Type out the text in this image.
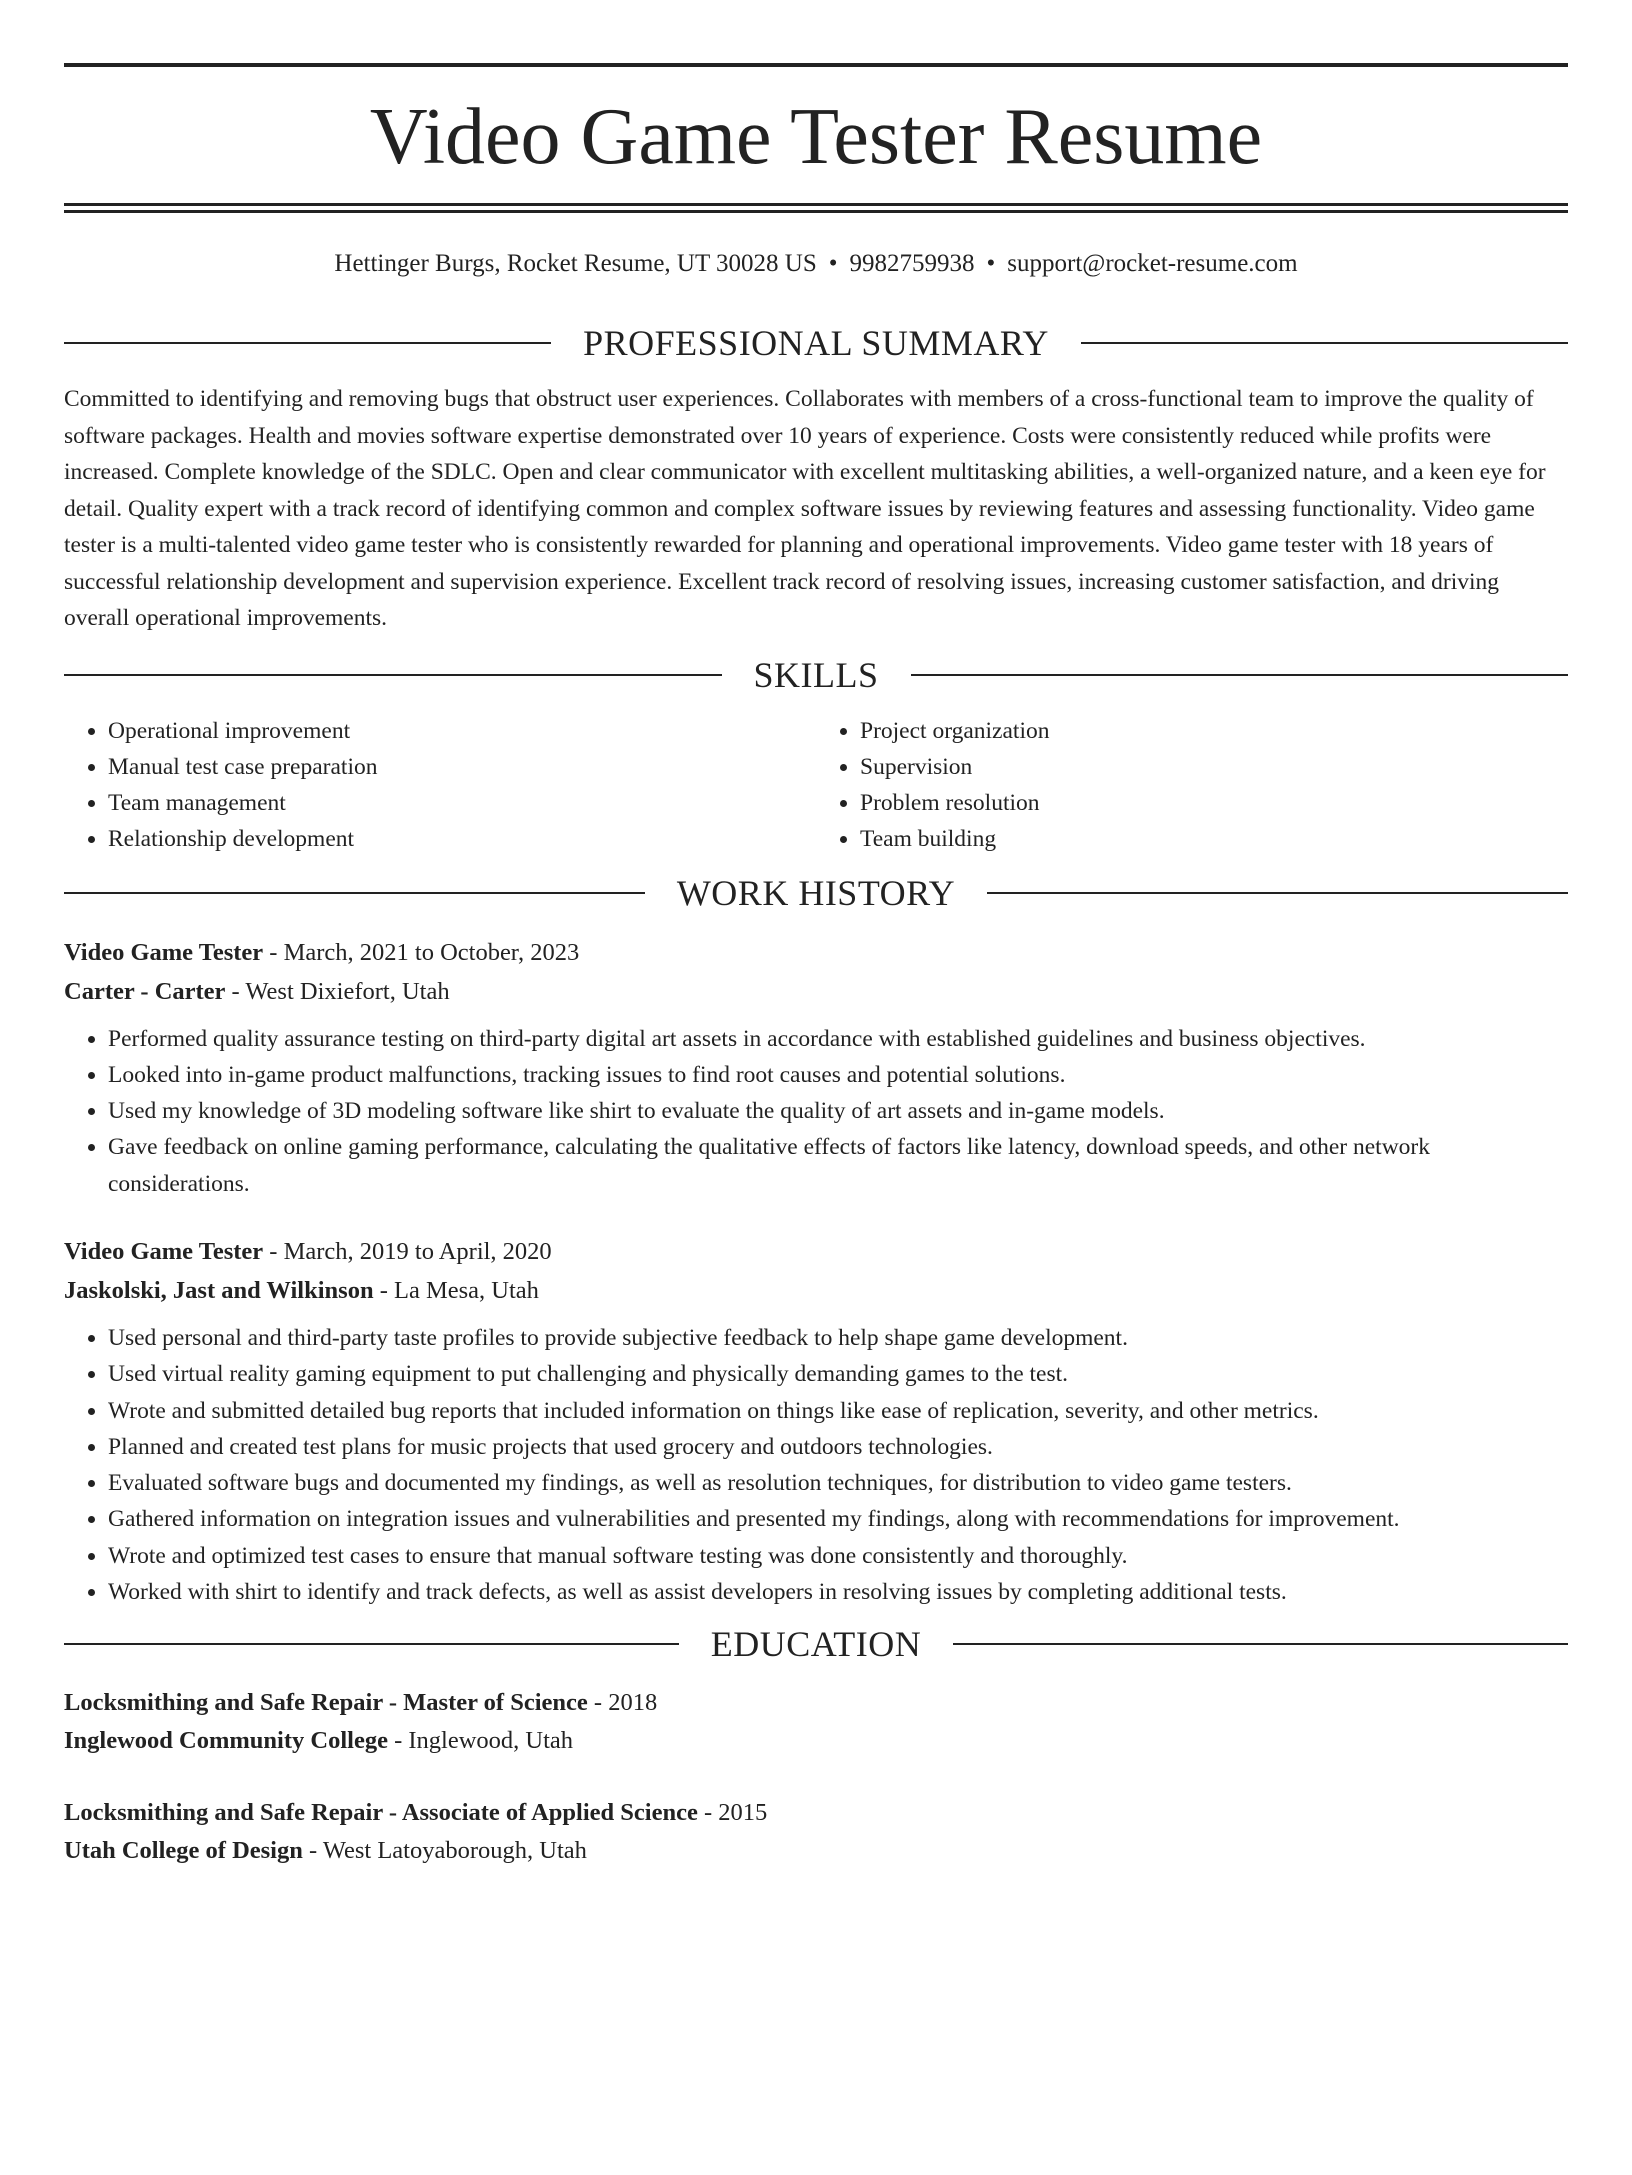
Video Game Tester Resume
Hettinger Burgs, Rocket Resume, UT 30028 US • 9982759938 • support@rocket-resume.com
PROFESSIONAL SUMMARY

Committed to identifying and removing bugs that obstruct user experiences. Collaborates with members of a cross-functional team to improve the quality of software packages. Health and movies software expertise demonstrated over 10 years of experience. Costs were consistently reduced while profits were increased. Complete knowledge of the SDLC. Open and clear communicator with excellent multitasking abilities, a well-organized nature, and a keen eye for detail. Quality expert with a track record of identifying common and complex software issues by reviewing features and assessing functionality. Video game tester is a multi-talented video game tester who is consistently rewarded for planning and operational improvements. Video game tester with 18 years of successful relationship development and supervision experience. Excellent track record of resolving issues, increasing customer satisfaction, and driving overall operational improvements.

SKILLS
• Operational improvement
• Manual test case preparation
• Team management
• Relationship development
• Project organization
• Supervision
• Problem resolution
• Team building
WORK HISTORY
Video Game Tester - March, 2021 to October, 2023
Carter - Carter - West Dixiefort, Utah
• Performed quality assurance testing on third-party digital art assets in accordance with established guidelines and business objectives.
• Looked into in-game product malfunctions, tracking issues to find root causes and potential solutions.
• Used my knowledge of 3D modeling software like shirt to evaluate the quality of art assets and in-game models.
• Gave feedback on online gaming performance, calculating the qualitative effects of factors like latency, download speeds, and other network considerations.
Video Game Tester - March, 2019 to April, 2020
Jaskolski, Jast and Wilkinson - La Mesa, Utah
• Used personal and third-party taste profiles to provide subjective feedback to help shape game development.
• Used virtual reality gaming equipment to put challenging and physically demanding games to the test.
• Wrote and submitted detailed bug reports that included information on things like ease of replication, severity, and other metrics.
• Planned and created test plans for music projects that used grocery and outdoors technologies.
• Evaluated software bugs and documented my findings, as well as resolution techniques, for distribution to video game testers.
• Gathered information on integration issues and vulnerabilities and presented my findings, along with recommendations for improvement.
• Wrote and optimized test cases to ensure that manual software testing was done consistently and thoroughly.
• Worked with shirt to identify and track defects, as well as assist developers in resolving issues by completing additional tests.
EDUCATION
Locksmithing and Safe Repair - Master of Science - 2018
Inglewood Community College - Inglewood, Utah
Locksmithing and Safe Repair - Associate of Applied Science - 2015
Utah College of Design - West Latoyaborough, Utah
